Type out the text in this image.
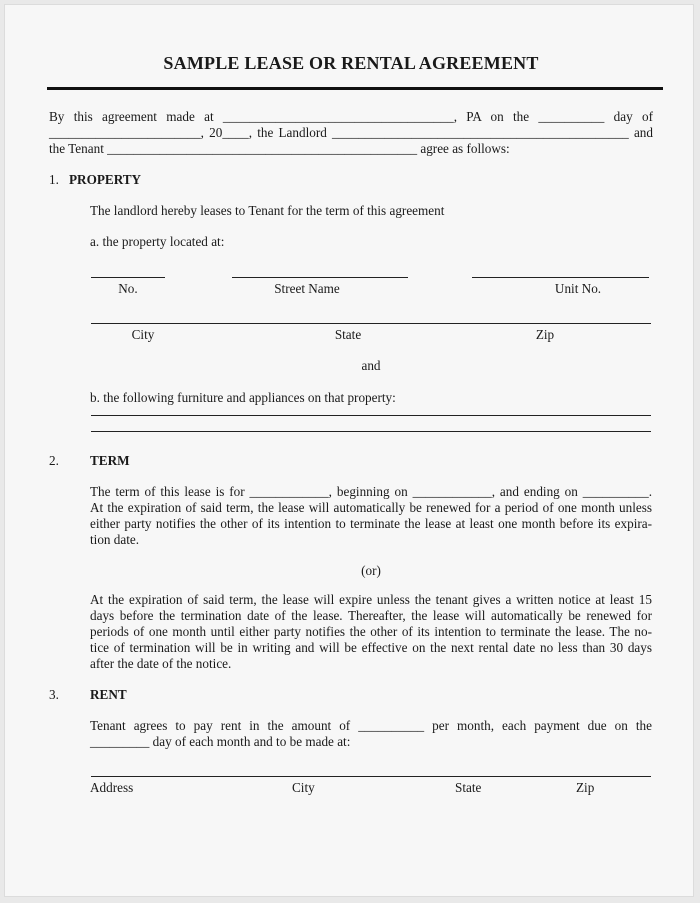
SAMPLE LEASE OR RENTAL AGREEMENT
By this agreement made at ___________________________________, PA on the __________ day of
_______________________, 20____, the Landlord _____________________________________________ and
the Tenant _______________________________________________ agree as follows:
1. PROPERTY
The landlord hereby leases to Tenant for the term of this agreement
a. the property located at:
No.	Street Name	Unit No.
City	State	Zip
and
b. the following furniture and appliances on that property:
2. TERM
The term of this lease is for ____________, beginning on ____________, and ending on __________.
At the expiration of said term, the lease will automatically be renewed for a period of one month unless
either party notifies the other of its intention to terminate the lease at least one month before its expira-
tion date.
(or)
At the expiration of said term, the lease will expire unless the tenant gives a written notice at least 15
days before the termination date of the lease. Thereafter, the lease will automatically be renewed for
periods of one month until either party notifies the other of its intention to terminate the lease. The no-
tice of termination will be in writing and will be effective on the next rental date no less than 30 days
after the date of the notice.
3. RENT
Tenant agrees to pay rent in the amount of __________ per month, each payment due on the
_________ day of each month and to be made at:
Address	City	State	Zip
